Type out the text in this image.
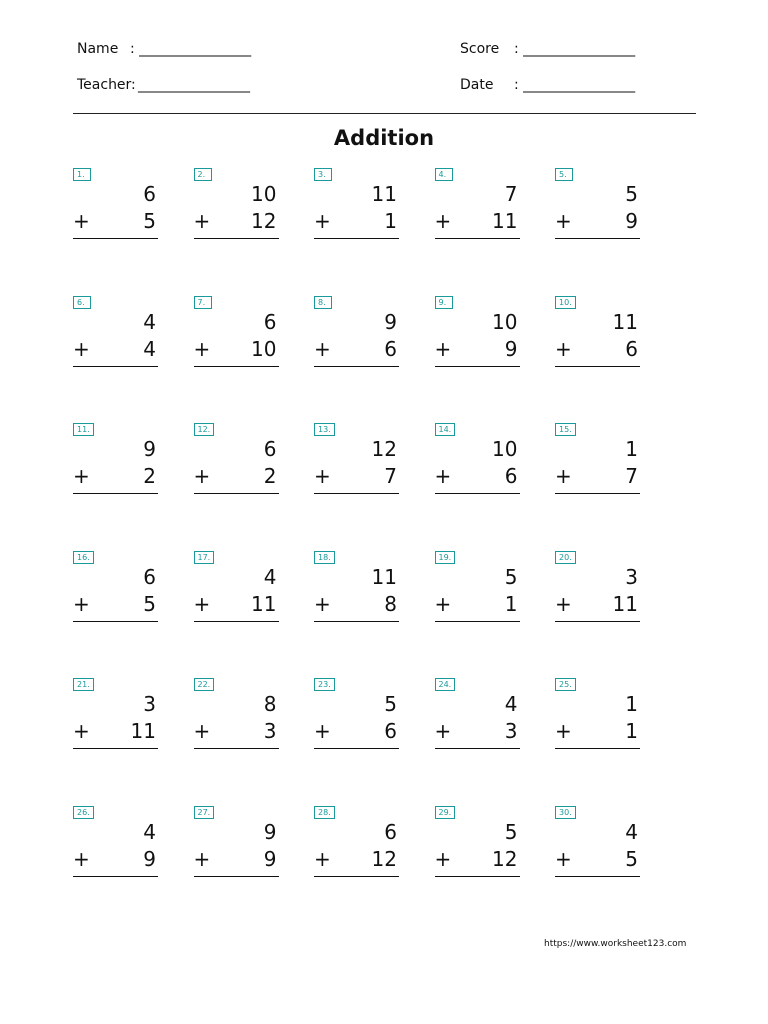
Name : ________________
Teacher: ________________
Score : ________________
Date : ________________
Addition
1.
6
+	5
2.
10
+ 12
3.
11
+	1
4.
7
+ 11
5.
5
+	9
6.
4
+	4
7.
6
+ 10
8.
9
+	6
9.
10
+	9
10.
11
+	6
11.
9
+	2
12.
6
+	2
13.
12
+	7
14.
10
+	6
15.
1
+	7
16.
6
+	5
17.
4
+ 11
18.
11
+	8
19.
5
+	1
20.
3
+ 11
21.
3
+ 11
22.
8
+	3
23.
5
+	6
24.
4
+	3
25.
1
+	1
26.
4
+	9
27.
9
+	9
28.
6
+ 12
29.
5
+ 12
30.
4
+	5
https://www.worksheet123.com
